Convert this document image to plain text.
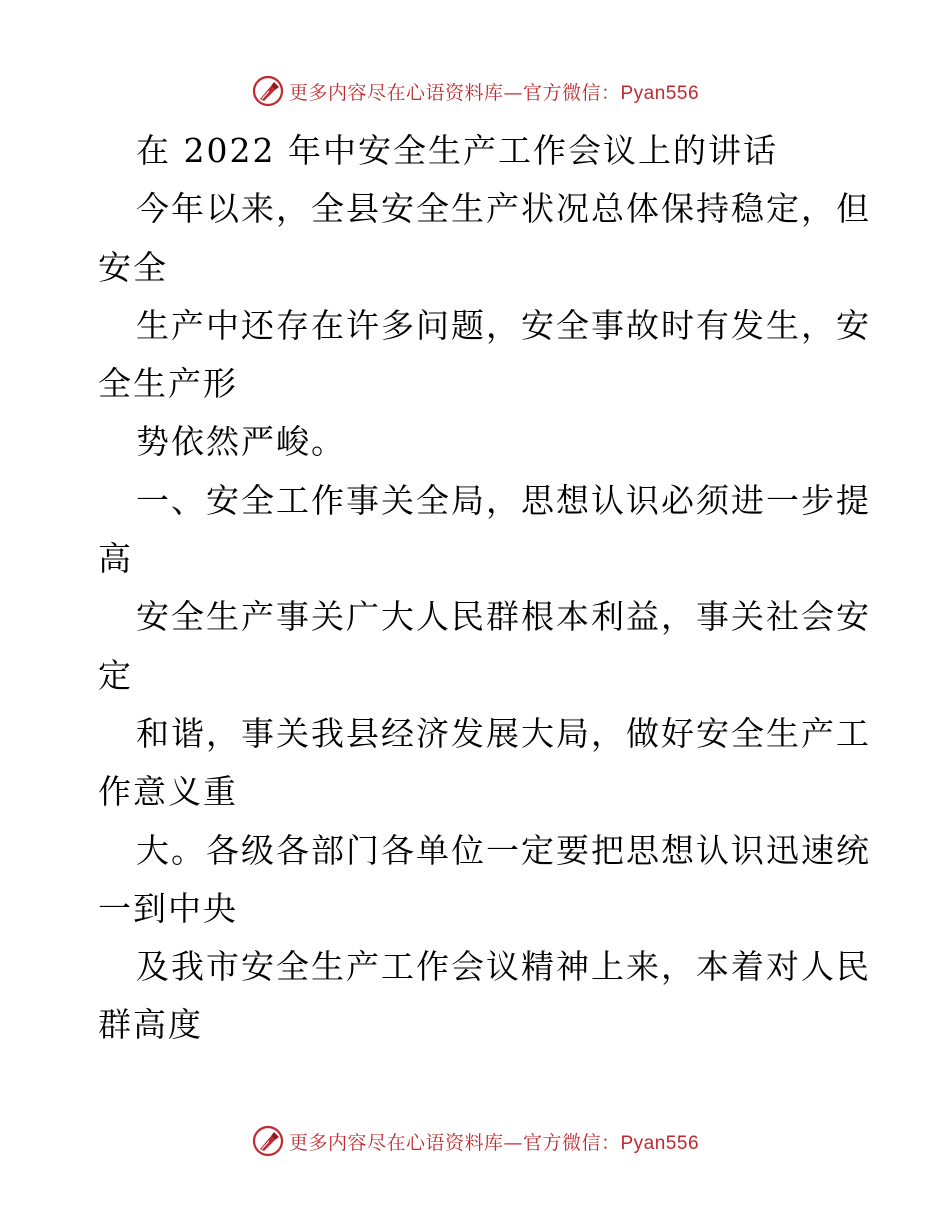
更多内容尽在心语资料库—官方微信：Pyan556
在 2022 年中安全生产工作会议上的讲话
今年以来，全县安全生产状况总体保持稳定，但
安全
生产中还存在许多问题，安全事故时有发生，安
全生产形
势依然严峻。
一、安全工作事关全局，思想认识必须进一步提
高
安全生产事关广大人民群根本利益，事关社会安
定
和谐，事关我县经济发展大局，做好安全生产工
作意义重
大。各级各部门各单位一定要把思想认识迅速统
一到中央
及我市安全生产工作会议精神上来，本着对人民
群高度
更多内容尽在心语资料库—官方微信：Pyan556
